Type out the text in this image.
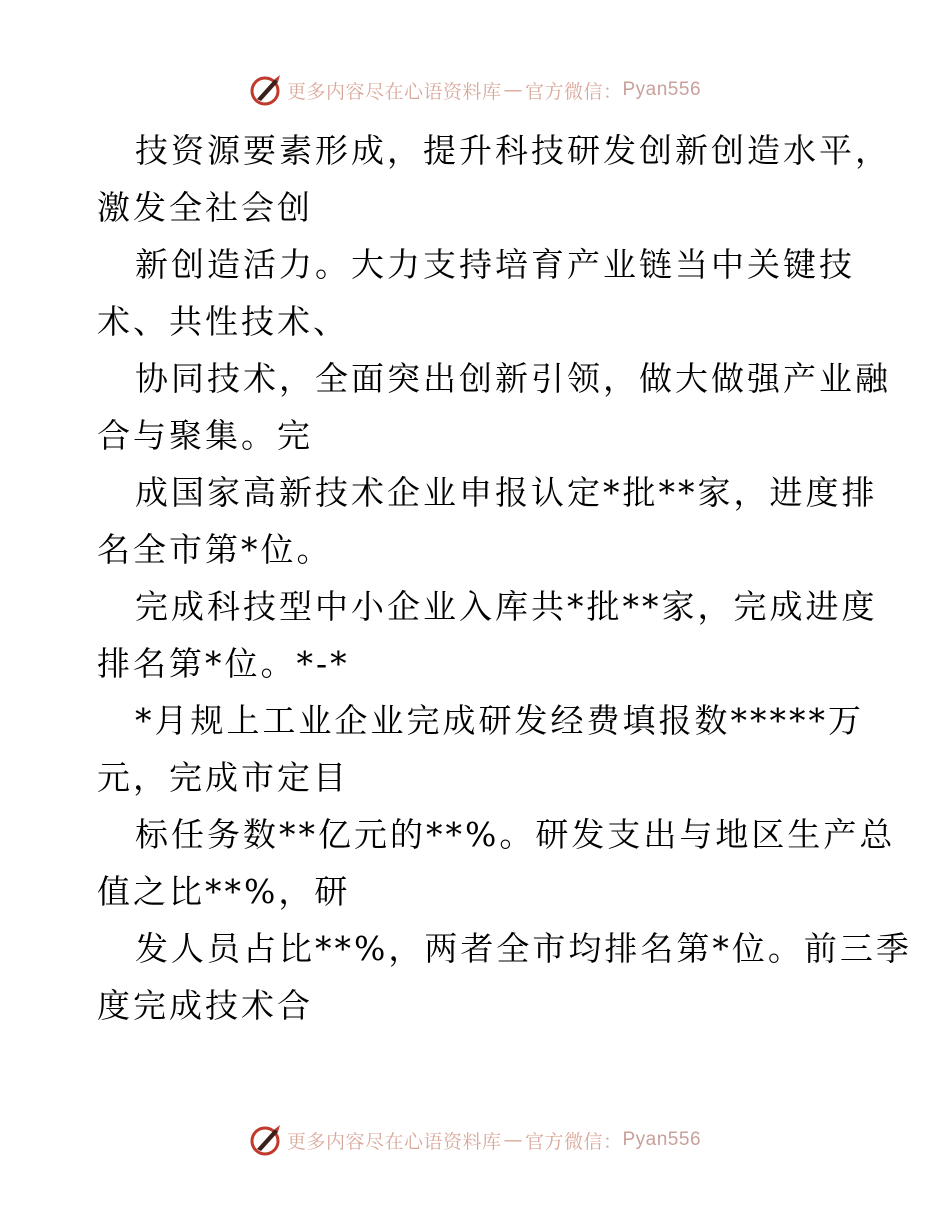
更多内容尽在心语资料库 — 官方微信： Pyan556

技资源要素形成，提升科技研发创新创造水平，
激发全社会创

新创造活力。大力支持培育产业链当中关键技
术、共性技术、

协同技术，全面突出创新引领，做大做强产业融
合与聚集。完

成国家高新技术企业申报认定*批**家，进度排
名全市第*位。

完成科技型中小企业入库共*批**家，完成进度
排名第*位。*-*

*月规上工业企业完成研发经费填报数*****万
元，完成市定目

标任务数**亿元的**%。研发支出与地区生产总
值之比**%，研

发人员占比**%，两者全市均排名第*位。前三季
度完成技术合

更多内容尽在心语资料库 — 官方微信： Pyan556
